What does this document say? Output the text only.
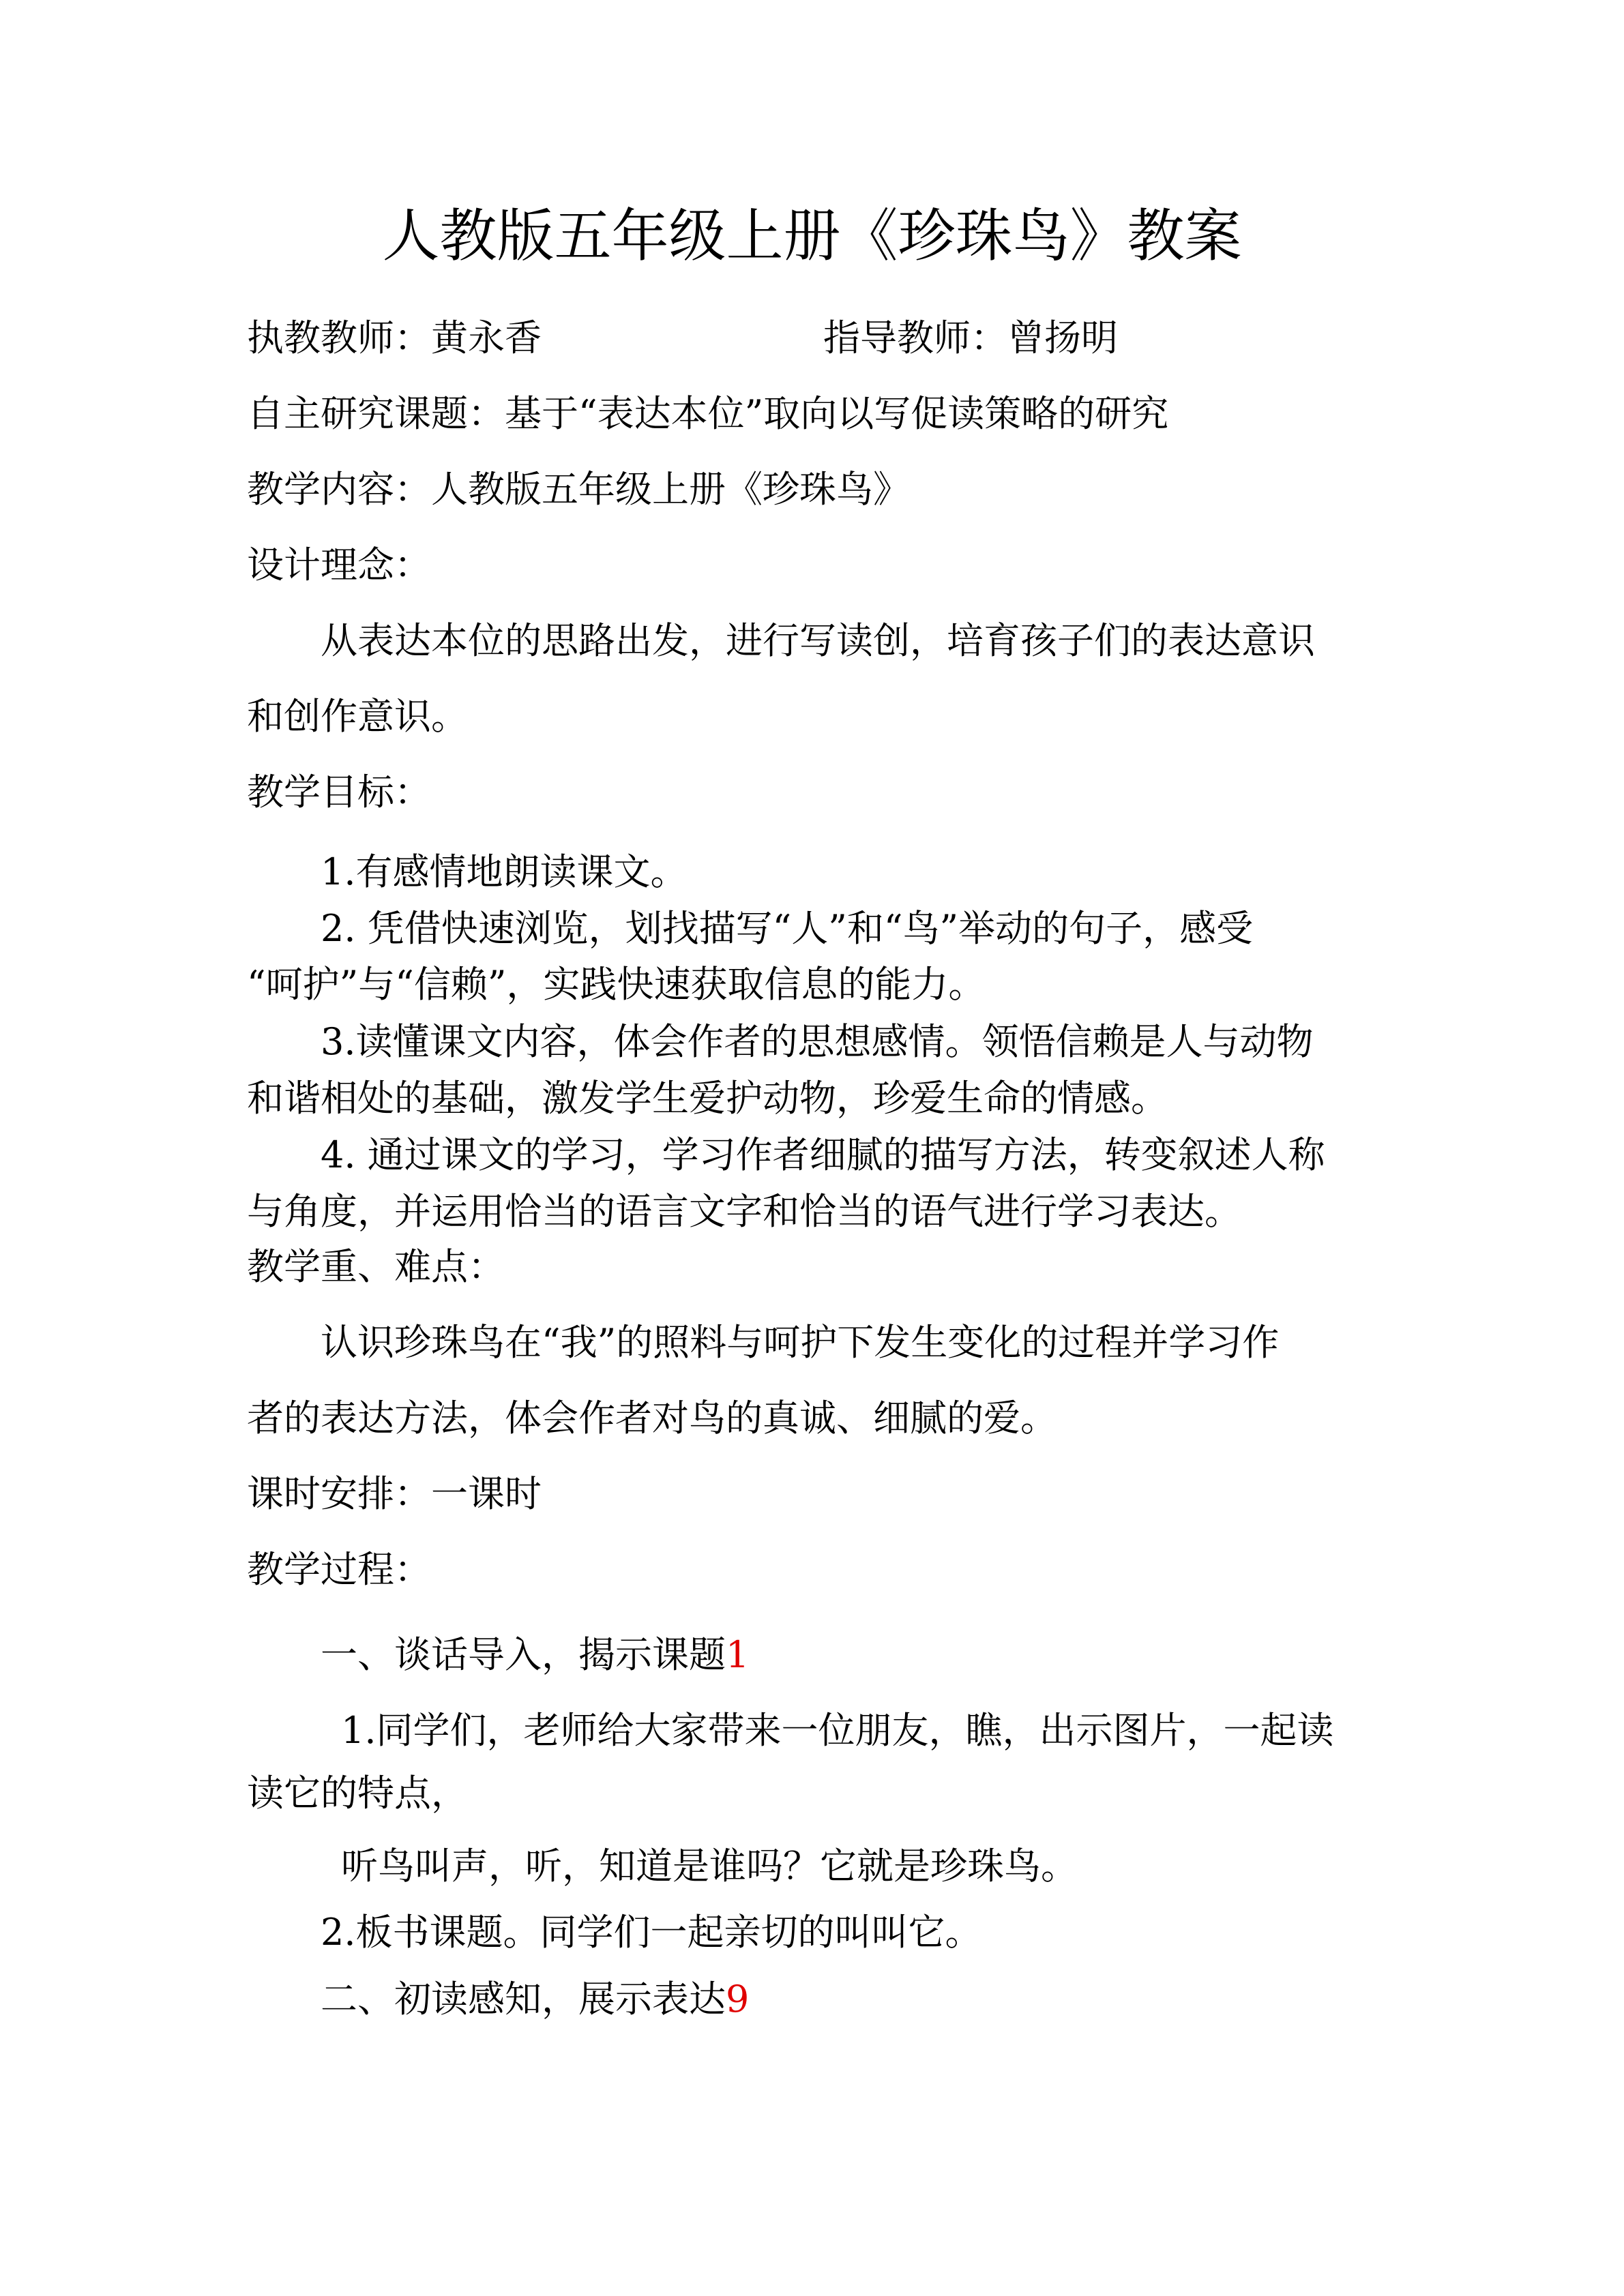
人教版五年级上册《珍珠鸟》教案
执教教师：黄永香	指导教师：曾扬明
自主研究课题：基于“表达本位”取向以写促读策略的研究
教学内容：人教版五年级上册《珍珠鸟》
设计理念：
从表达本位的思路出发，进行写读创，培育孩子们的表达意识
和创作意识。
教学目标：
1.有感情地朗读课文。
2. 凭借快速浏览，划找描写“人”和“鸟”举动的句子，感受
“呵护”与“信赖”，实践快速获取信息的能力。
3.读懂课文内容，体会作者的思想感情。领悟信赖是人与动物
和谐相处的基础，激发学生爱护动物，珍爱生命的情感。
4. 通过课文的学习，学习作者细腻的描写方法，转变叙述人称
与角度，并运用恰当的语言文字和恰当的语气进行学习表达。
教学重、难点：
认识珍珠鸟在“我”的照料与呵护下发生变化的过程并学习作
者的表达方法，体会作者对鸟的真诚、细腻的爱。
课时安排：一课时
教学过程：
一、谈话导入，揭示课题1
1.同学们，老师给大家带来一位朋友，瞧，出示图片，一起读
读它的特点，
听鸟叫声，听，知道是谁吗？它就是珍珠鸟。
2.板书课题。同学们一起亲切的叫叫它。
二、初读感知，展示表达9
